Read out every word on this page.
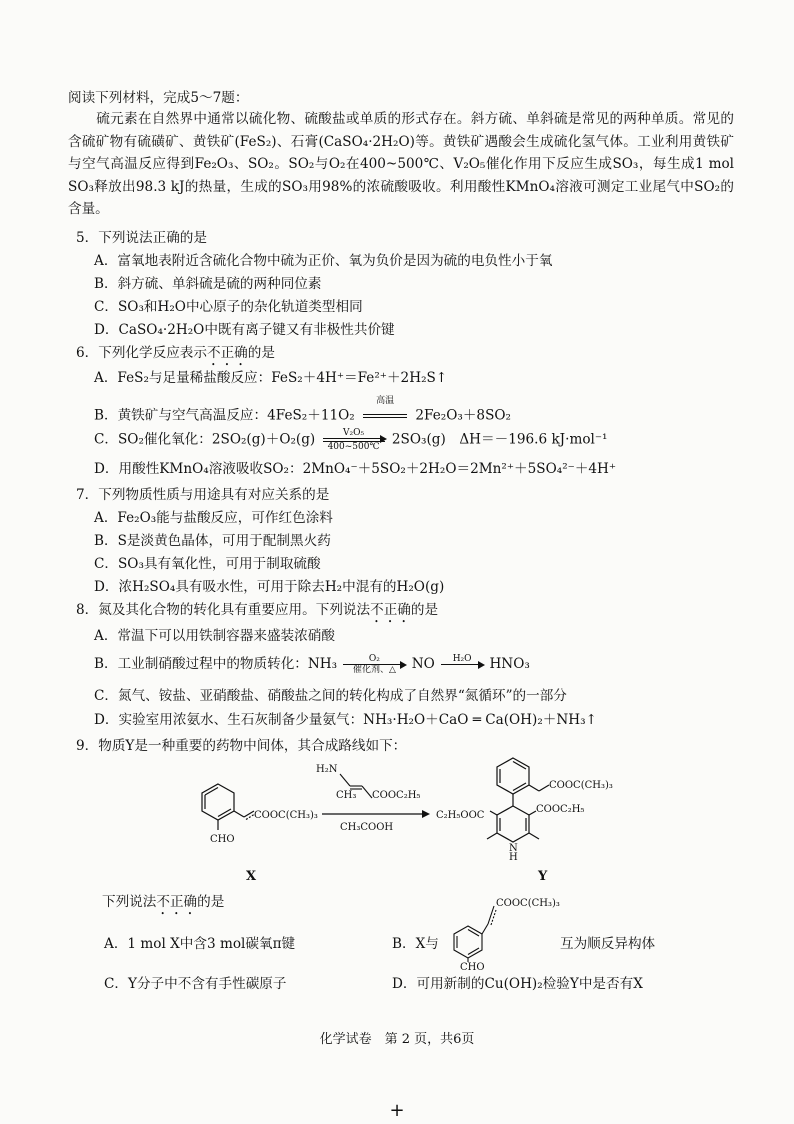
阅读下列材料，完成5～7题：
硫元素在自然界中通常以硫化物、硫酸盐或单质的形式存在。斜方硫、单斜硫是常见的两种单质。常见的含硫矿物有硫磺矿、黄铁矿(FeS₂)、石膏(CaSO₄·2H₂O)等。黄铁矿遇酸会生成硫化氢气体。工业利用黄铁矿与空气高温反应得到Fe₂O₃、SO₂。SO₂与O₂在400~500℃、V₂O₅催化作用下反应生成SO₃，每生成1 mol SO₃释放出98.3 kJ的热量，生成的SO₃用98%的浓硫酸吸收。利用酸性KMnO₄溶液可测定工业尾气中SO₂的含量。
5．下列说法正确的是
A．富氧地表附近含硫化合物中硫为正价、氧为负价是因为硫的电负性小于氧
B．斜方硫、单斜硫是硫的两种同位素
C．SO₃和H₂O中心原子的杂化轨道类型相同
D．CaSO₄·2H₂O中既有离子键又有非极性共价键
6．下列化学反应表示不正确的是
A．FeS₂与足量稀盐酸反应：FeS₂＋4H⁺＝Fe²⁺＋2H₂S↑
B．黄铁矿与空气高温反应：4FeS₂＋11O₂
高温

2Fe₂O₃＋8SO₂
C．SO₂催化氧化：$2SO_2(g)+O_2(g) \frac{\text{V₂O₅}}{400\sim 500℃} 2SO_3(g)$　ΔH＝－196.6 kJ·mol⁻¹
D．用酸性KMnO₄溶液吸收SO₂：2MnO₄⁻＋5SO₂＋2H₂O＝2Mn²⁺＋5SO₄²⁻＋4H⁺
7．下列物质性质与用途具有对应关系的是
A．Fe₂O₃能与盐酸反应，可作红色涂料
B．S是淡黄色晶体，可用于配制黑火药
C．SO₃具有氧化性，可用于制取硫酸
D．浓H₂SO₄具有吸水性，可用于除去H₂中混有的H₂O(g)
8．氮及其化合物的转化具有重要应用。下列说法不正确的是
A．常温下可以用铁制容器来盛装浓硝酸
B．工业制硝酸过程中的物质转化：NH₃	O₂
催化剂、△	NO	H₂O
	HNO₃
C．氮气、铵盐、亚硝酸盐、硝酸盐之间的转化构成了自然界“氮循环”的一部分
D．实验室用浓氨水、生石灰制备少量氨气：NH₃·H₂O＋CaO ═ Ca(OH)₂＋NH₃↑
9．物质Y是一种重要的药物中间体，其合成路线如下：
CHO
COOC(CH₃)₃
X
H₂N
CH₃ COOC₂H₅
CH₃COOH
COOC(CH₃)₃
COOC₂H₅
C₂H₅OOC
N
H
Y
下列说法不正确的是
A．1 mol X中含3 mol碳氧π键	B．X与
COOC(CH₃)₃
CHO
互为顺反异构体
C．Y分子中不含有手性碳原子	D．可用新制的Cu(OH)₂检验Y中是否有X
化学试卷　第 2 页，共6页
+
